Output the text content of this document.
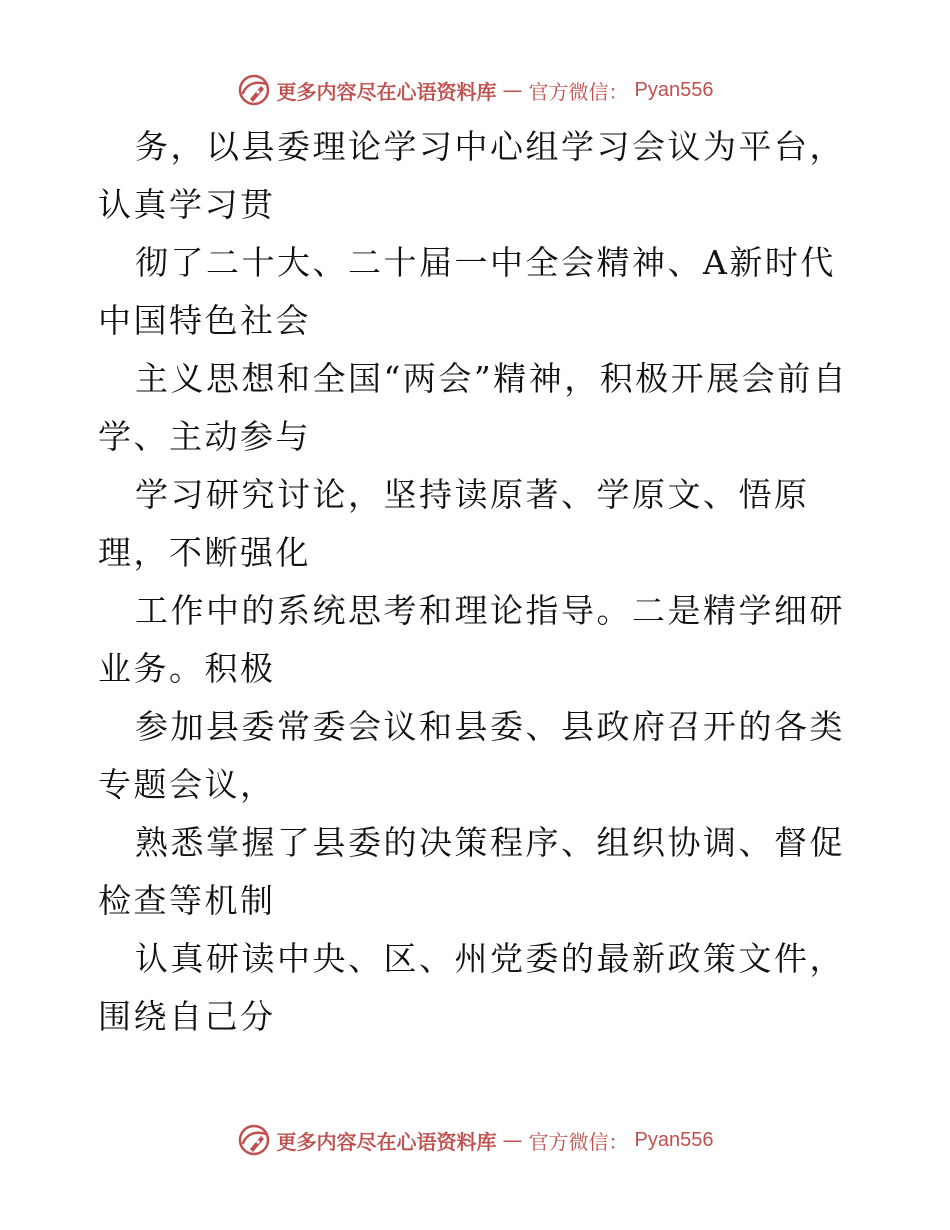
更多内容尽在心语资料库 — 官方微信： Pyan556

务，以县委理论学习中心组学习会议为平台，认真学习贯

彻了二十大、二十届一中全会精神、A新时代中国特色社会

主义思想和全国“两会”精神，积极开展会前自学、主动参与

学习研究讨论，坚持读原著、学原文、悟原理，不断强化

工作中的系统思考和理论指导。二是精学细研业务。积极

参加县委常委会议和县委、县政府召开的各类专题会议，

熟悉掌握了县委的决策程序、组织协调、督促检查等机制

认真研读中央、区、州党委的最新政策文件，围绕自己分

更多内容尽在心语资料库 — 官方微信： Pyan556
